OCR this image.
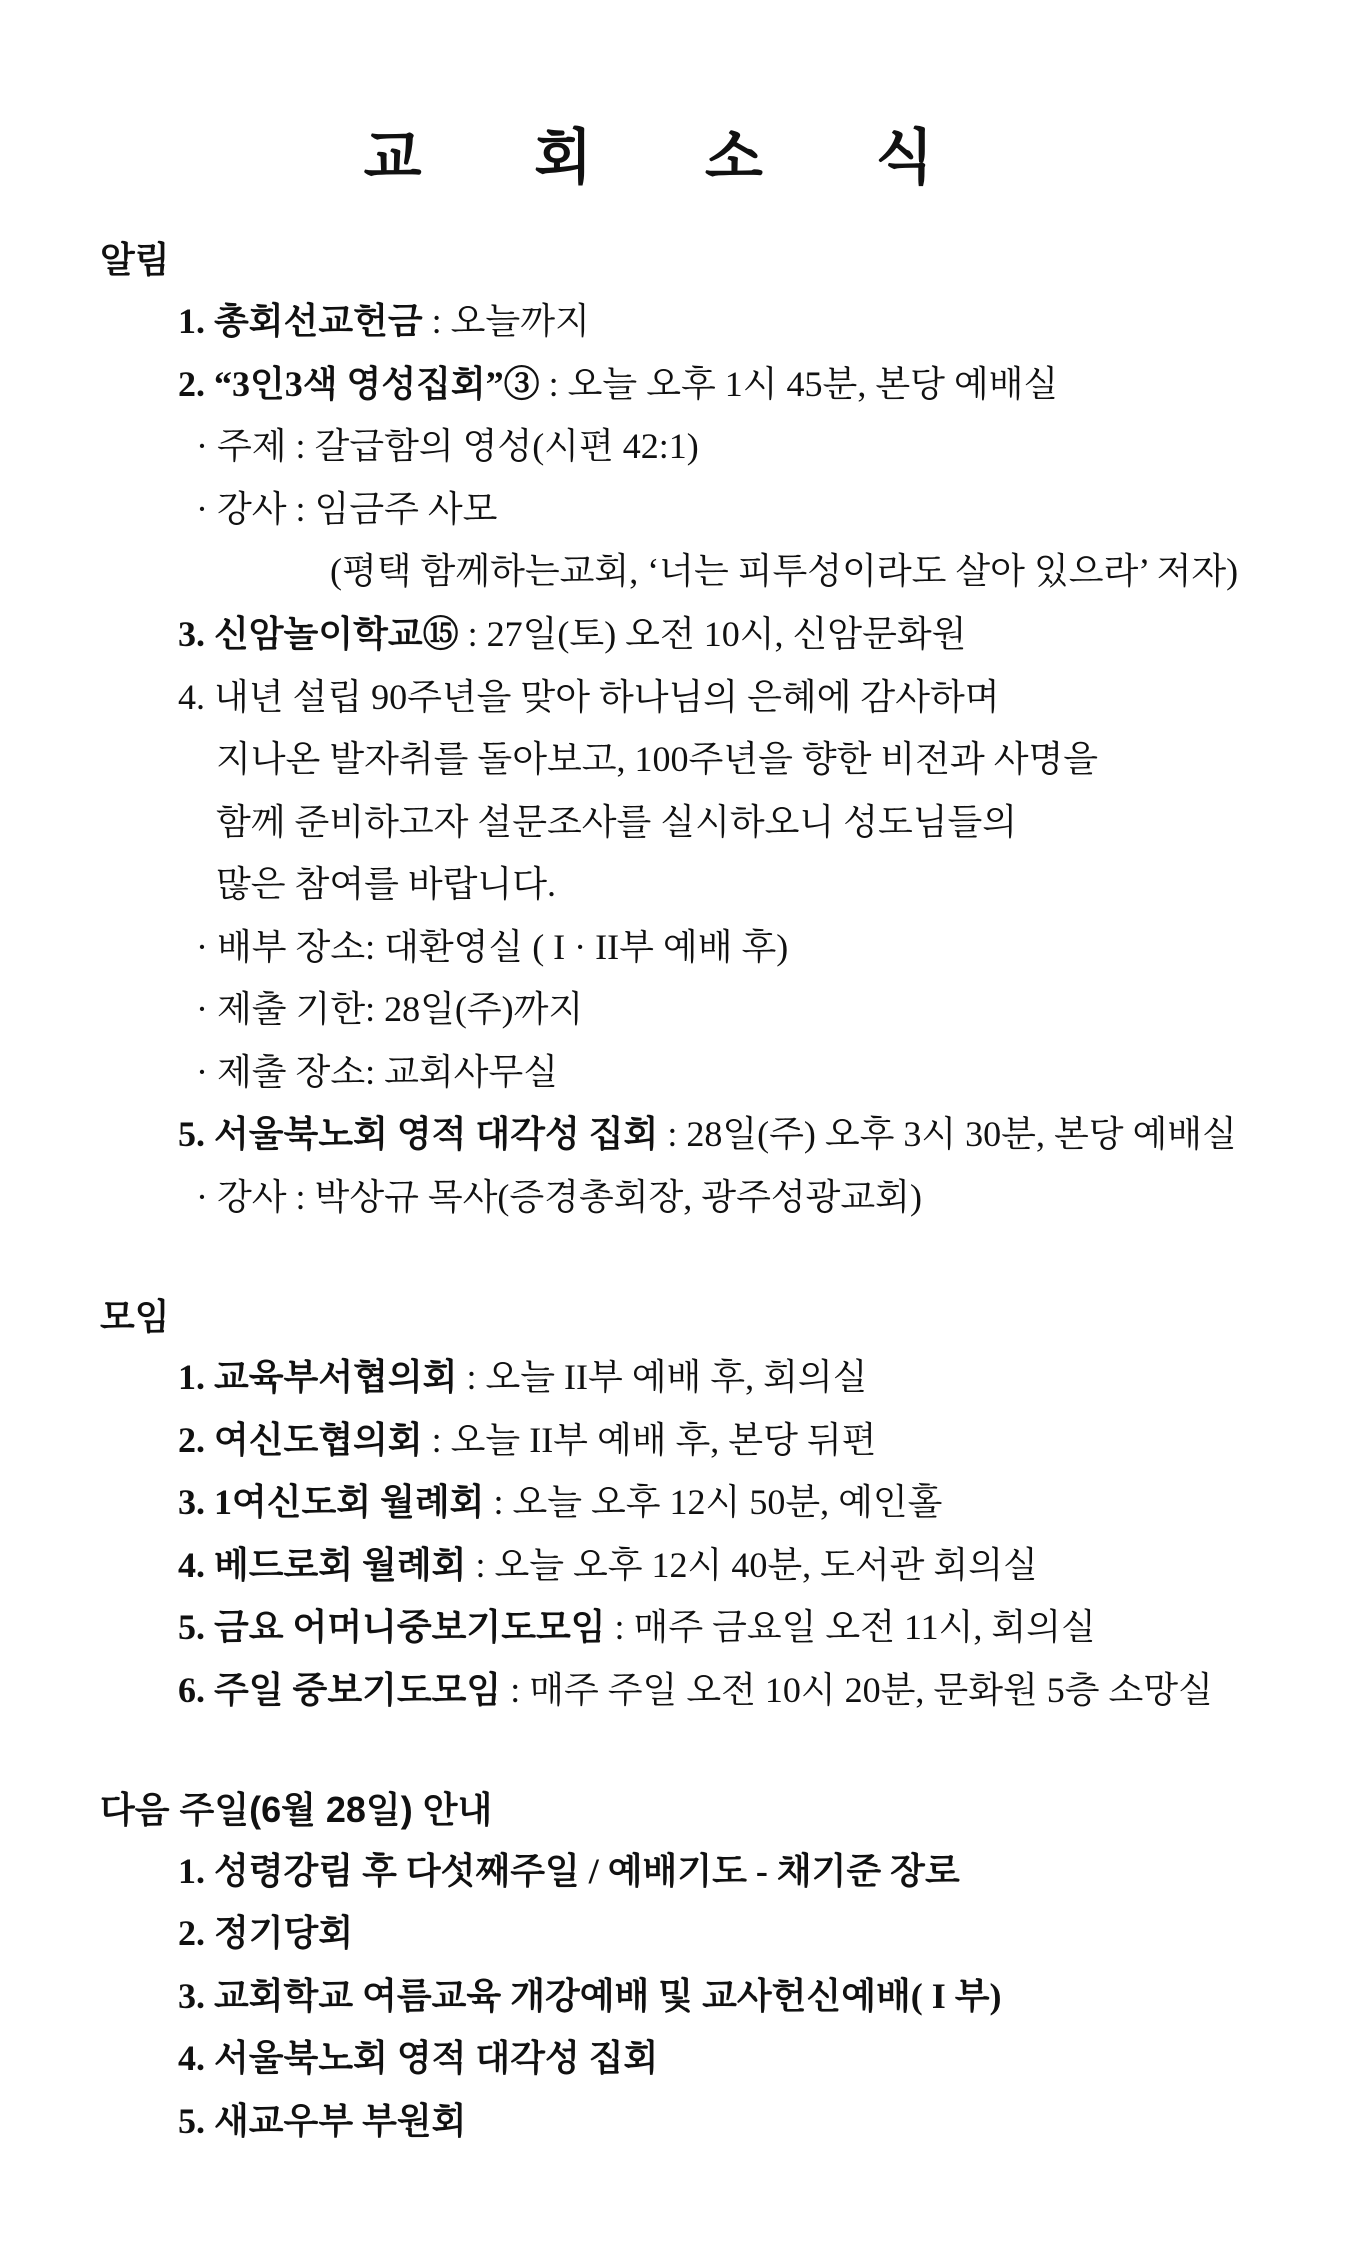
교 회 소 식
알림
1. 총회선교헌금 : 오늘까지
2. “3인3색 영성집회”③ : 오늘 오후 1시 45분, 본당 예배실
· 주제 : 갈급함의 영성(시편 42:1)
· 강사 : 임금주 사모
(평택 함께하는교회, ‘너는 피투성이라도 살아 있으라’ 저자)
3. 신암놀이학교⑮ : 27일(토) 오전 10시, 신암문화원
4. 내년 설립 90주년을 맞아 하나님의 은혜에 감사하며
지나온 발자취를 돌아보고, 100주년을 향한 비전과 사명을
함께 준비하고자 설문조사를 실시하오니 성도님들의
많은 참여를 바랍니다.
· 배부 장소: 대환영실 ( I · II부 예배 후)
· 제출 기한: 28일(주)까지
· 제출 장소: 교회사무실
5. 서울북노회 영적 대각성 집회 : 28일(주) 오후 3시 30분, 본당 예배실
· 강사 : 박상규 목사(증경총회장, 광주성광교회)
모임
1. 교육부서협의회 : 오늘 II부 예배 후, 회의실
2. 여신도협의회 : 오늘 II부 예배 후, 본당 뒤편
3. 1여신도회 월례회 : 오늘 오후 12시 50분, 예인홀
4. 베드로회 월례회 : 오늘 오후 12시 40분, 도서관 회의실
5. 금요 어머니중보기도모임 : 매주 금요일 오전 11시, 회의실
6. 주일 중보기도모임 : 매주 주일 오전 10시 20분, 문화원 5층 소망실
다음 주일(6월 28일) 안내
1. 성령강림 후 다섯째주일 / 예배기도 - 채기준 장로
2. 정기당회
3. 교회학교 여름교육 개강예배 및 교사헌신예배( I 부)
4. 서울북노회 영적 대각성 집회
5. 새교우부 부원회
